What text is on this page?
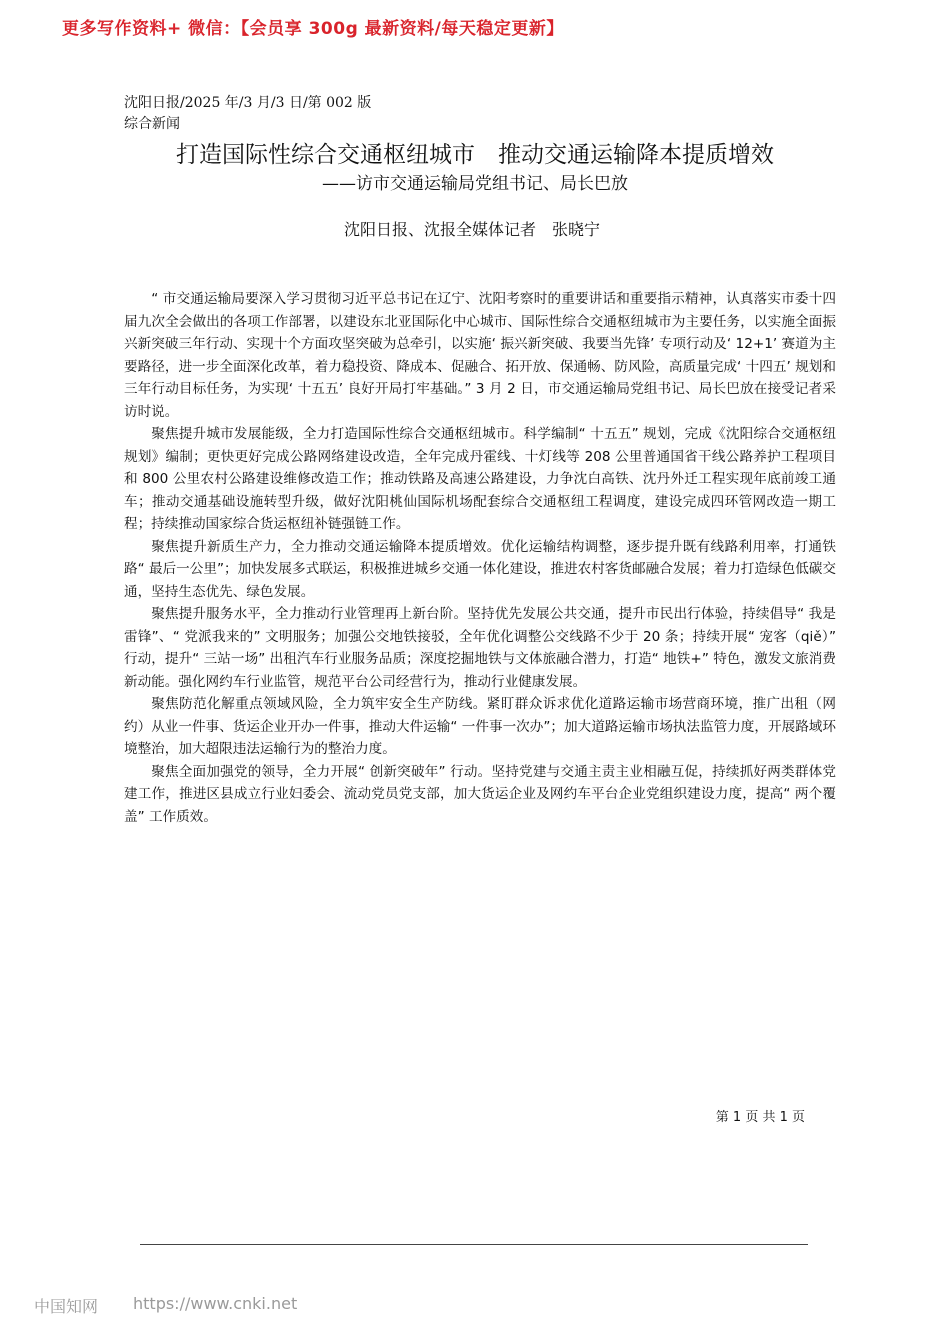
更多写作资料+ 微信：【会员享 300g 最新资料/每天稳定更新】
沈阳日报/2025 年/3 月/3 日/第 002 版综合新闻
打造国际性综合交通枢纽城市　推动交通运输降本提质增效
——访市交通运输局党组书记、局长巴放
沈阳日报、沈报全媒体记者　张晓宁

“ 市交通运输局要深入学习贯彻习近平总书记在辽宁、沈阳考察时的重要讲话和重要指示精神，认真落实市委十四届九次全会做出的各项工作部署，以建设东北亚国际化中心城市、国际性综合交通枢纽城市为主要任务，以实施全面振兴新突破三年行动、实现十个方面攻坚突破为总牵引，以实施‘ 振兴新突破、我要当先锋’ 专项行动及‘ 12+1’ 赛道为主要路径，进一步全面深化改革，着力稳投资、降成本、促融合、拓开放、保通畅、防风险，高质量完成‘ 十四五’ 规划和三年行动目标任务，为实现‘ 十五五’ 良好开局打牢基础。” 3 月 2 日，市交通运输局党组书记、局长巴放在接受记者采访时说。

聚焦提升城市发展能级，全力打造国际性综合交通枢纽城市。科学编制“ 十五五” 规划，完成《沈阳综合交通枢纽规划》编制；更快更好完成公路网络建设改造，全年完成丹霍线、十灯线等 208 公里普通国省干线公路养护工程项目和 800 公里农村公路建设维修改造工作；推动铁路及高速公路建设，力争沈白高铁、沈丹外迁工程实现年底前竣工通车；推动交通基础设施转型升级，做好沈阳桃仙国际机场配套综合交通枢纽工程调度，建设完成四环管网改造一期工程；持续推动国家综合货运枢纽补链强链工作。

聚焦提升新质生产力，全力推动交通运输降本提质增效。优化运输结构调整，逐步提升既有线路利用率，打通铁路“ 最后一公里”；加快发展多式联运，积极推进城乡交通一体化建设，推进农村客货邮融合发展；着力打造绿色低碳交通，坚持生态优先、绿色发展。

聚焦提升服务水平，全力推动行业管理再上新台阶。坚持优先发展公共交通，提升市民出行体验，持续倡导“ 我是雷锋”、“ 党派我来的” 文明服务；加强公交地铁接驳，全年优化调整公交线路不少于 20 条；持续开展“ 宠客（qiě）” 行动，提升“ 三站一场” 出租汽车行业服务品质；深度挖掘地铁与文体旅融合潜力，打造“ 地铁+” 特色，激发文旅消费新动能。强化网约车行业监管，规范平台公司经营行为，推动行业健康发展。

聚焦防范化解重点领域风险，全力筑牢安全生产防线。紧盯群众诉求优化道路运输市场营商环境，推广出租（网约）从业一件事、货运企业开办一件事，推动大件运输“ 一件事一次办”；加大道路运输市场执法监管力度，开展路域环境整治，加大超限违法运输行为的整治力度。

聚焦全面加强党的领导，全力开展“ 创新突破年” 行动。坚持党建与交通主责主业相融互促，持续抓好两类群体党建工作，推进区县成立行业妇委会、流动党员党支部，加大货运企业及网约车平台企业党组织建设力度，提高“ 两个覆盖” 工作质效。

第 1 页 共 1 页
中国知网 https://www.cnki.net
